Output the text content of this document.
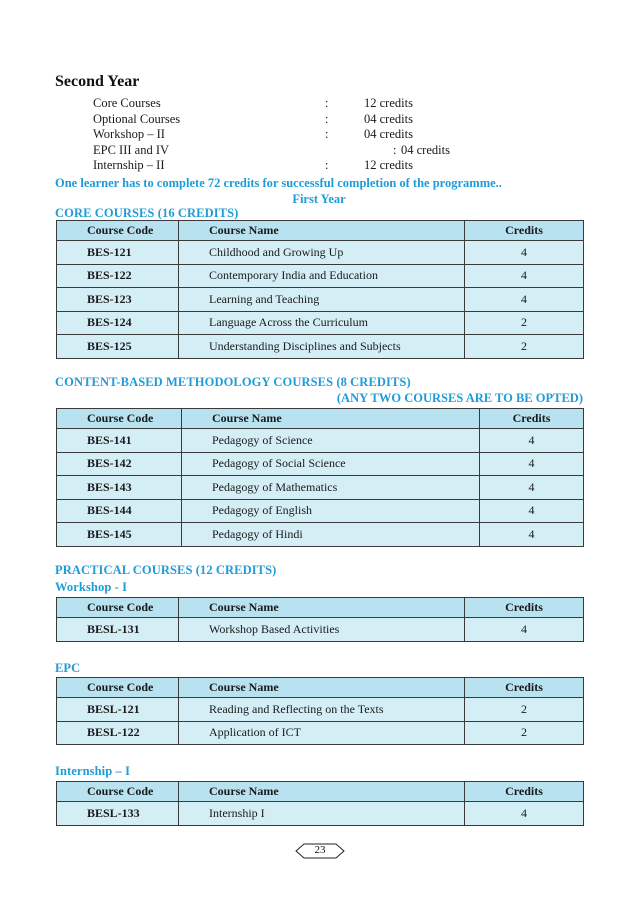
Second Year
Core Courses	:	12 credits
Optional Courses	:	04 credits
Workshop – II	:	04 credits
EPC III and IV	: 04 credits
Internship – II	:	12 credits
One learner has to complete 72 credits for successful completion of the programme..
First Year
CORE COURSES (16 CREDITS)
Course Code	Course Name	Credits
BES-121	Childhood and Growing Up	4
BES-122	Contemporary India and Education	4
BES-123	Learning and Teaching	4
BES-124	Language Across the Curriculum	2
BES-125	Understanding Disciplines and Subjects	2
CONTENT-BASED METHODOLOGY COURSES (8 CREDITS)
(ANY TWO COURSES ARE TO BE OPTED)
Course Code	Course Name	Credits
BES-141	Pedagogy of Science	4
BES-142	Pedagogy of Social Science	4
BES-143	Pedagogy of Mathematics	4
BES-144	Pedagogy of English	4
BES-145	Pedagogy of Hindi	4
PRACTICAL COURSES (12 CREDITS)
Workshop - I
Course Code	Course Name	Credits
BESL-131	Workshop Based Activities	4
EPC
Course Code	Course Name	Credits
BESL-121	Reading and Reflecting on the Texts	2
BESL-122	Application of ICT	2
Internship – I
Course Code	Course Name	Credits
BESL-133	Internship I	4
23
